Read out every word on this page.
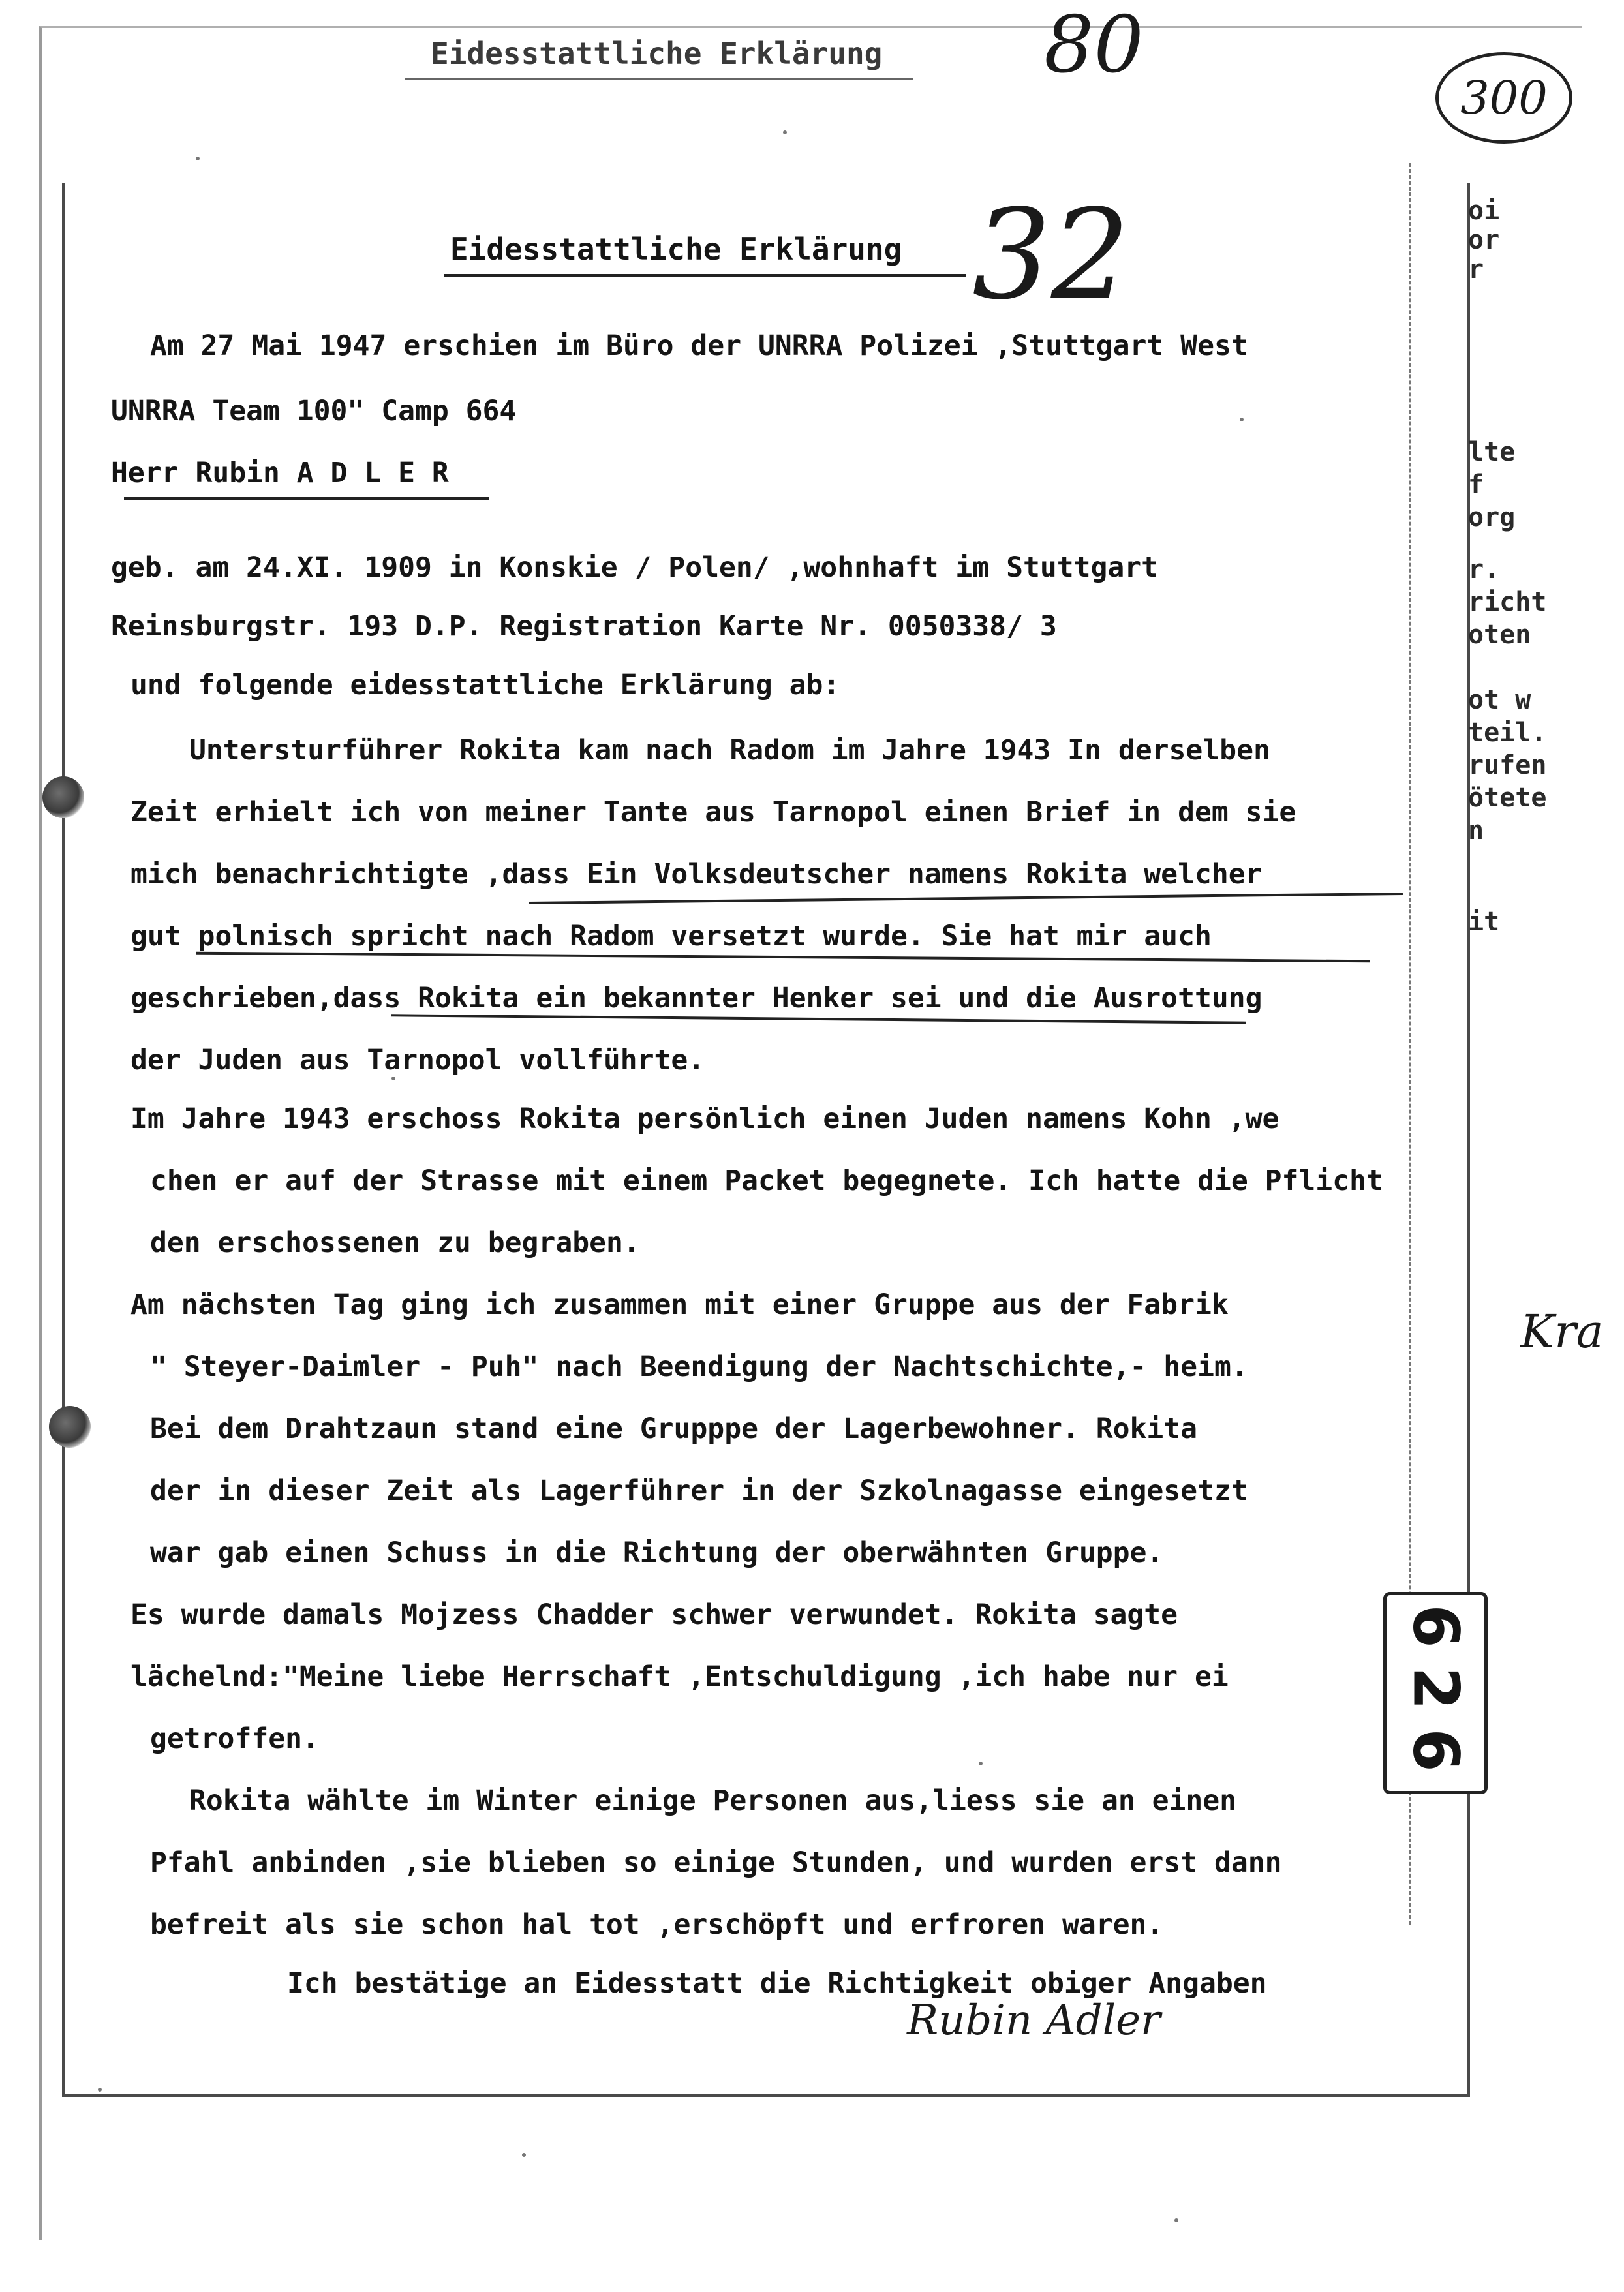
Eidesstattliche Erklärung 80
300
Eidesstattliche Erklärung 32
Am 27 Mai 1947 erschien im Büro der UNRRA Polizei ,Stuttgart West
UNRRA Team 100" Camp 664
Herr Rubin A D L E R
geb. am 24.XI. 1909 in Konskie / Polen/ ,wohnhaft im Stuttgart
Reinsburgstr. 193 D.P. Registration Karte Nr. 0050338/ 3
und folgende eidesstattliche Erklärung ab:
Untersturführer Rokita kam nach Radom im Jahre 1943 In derselben
Zeit erhielt ich von meiner Tante aus Tarnopol einen Brief in dem sie
mich benachrichtigte ,dass Ein Volksdeutscher namens Rokita welcher
gut polnisch spricht nach Radom versetzt wurde. Sie hat mir auch
geschrieben,dass Rokita ein bekannter Henker sei und die Ausrottung
der Juden aus Tarnopol vollführte.
Im Jahre 1943 erschoss Rokita persönlich einen Juden namens Kohn ,we
chen er auf der Strasse mit einem Packet begegnete. Ich hatte die Pflicht
den erschossenen zu begraben.
Am nächsten Tag ging ich zusammen mit einer Gruppe aus der Fabrik
" Steyer-Daimler - Puh" nach Beendigung der Nachtschichte,- heim.
Bei dem Drahtzaun stand eine Grupppe der Lagerbewohner. Rokita
der in dieser Zeit als Lagerführer in der Szkolnagasse eingesetzt
war gab einen Schuss in die Richtung der oberwähnten Gruppe.
Es wurde damals Mojzess Chadder schwer verwundet. Rokita sagte
lächelnd:"Meine liebe Herrschaft ,Entschuldigung ,ich habe nur ei
getroffen.
Rokita wählte im Winter einige Personen aus,liess sie an einen
Pfahl anbinden ,sie blieben so einige Stunden, und wurden erst dann
befreit als sie schon hal tot ,erschöpft und erfroren waren.
Ich bestätige an Eidesstatt die Richtigkeit obiger Angaben
Rubin Adler
6
2
6
oi
or
r
lte
f
org
r.
richt
oten
ot w
teil.
rufen
ötete
n
it
Kra
